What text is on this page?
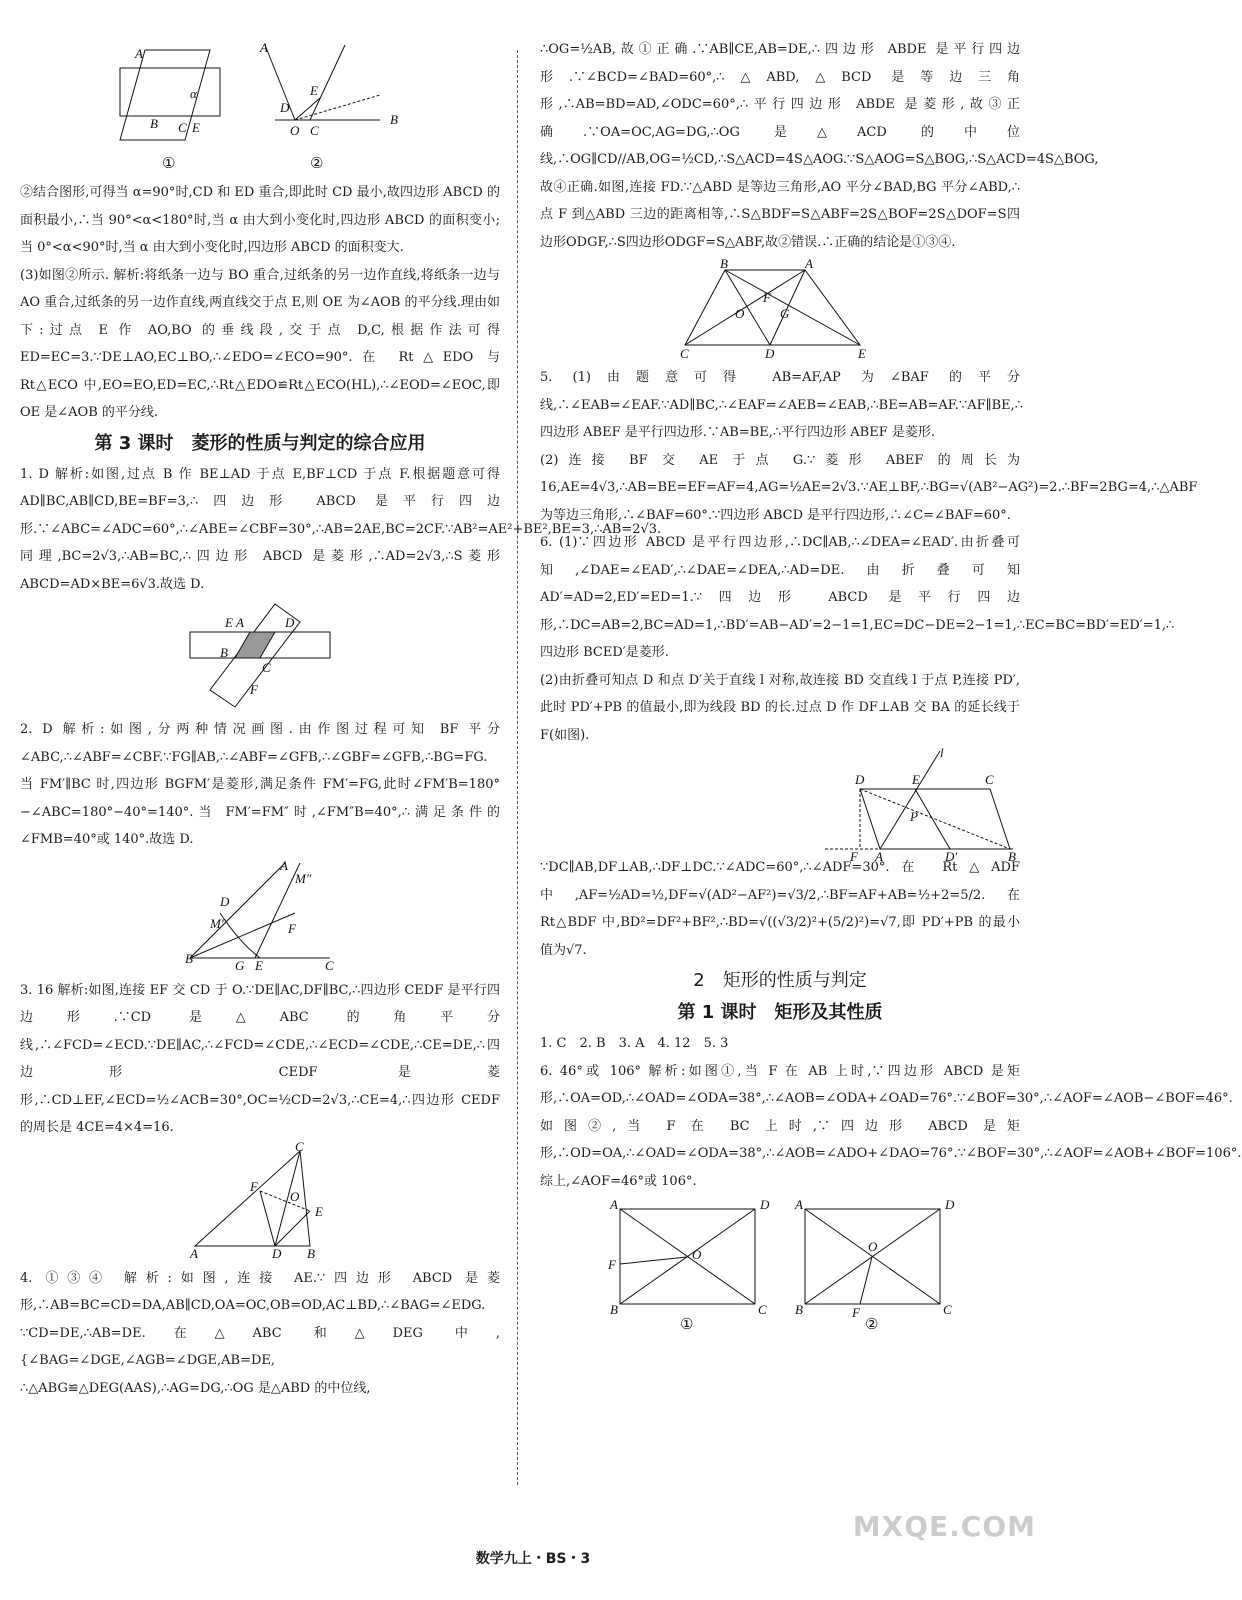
A
B C E
α
①
A
E
D
O C
B
②

②结合图形,可得当 α=90°时,CD 和 ED 重合,即此时 CD 最小,故四边形 ABCD 的面积最小,∴当 90°<α<180°时,当 α 由大到小变化时,四边形 ABCD 的面积变小;当 0°<α<90°时,当 α 由大到小变化时,四边形 ABCD 的面积变大.

(3)如图②所示. 解析:将纸条一边与 BO 重合,过纸条的另一边作直线,将纸条一边与 AO 重合,过纸条的另一边作直线,两直线交于点 E,则 OE 为∠AOB 的平分线.理由如下:过点 E 作 AO,BO 的垂线段,交于点 D,C,根据作法可得 ED=EC=3.∵DE⊥AO,EC⊥BO,∴∠EDO=∠ECO=90°.在 Rt△EDO 与 Rt△ECO 中,EO=EO,ED=EC,∴Rt△EDO≌Rt△ECO(HL),∴∠EOD=∠EOC,即 OE 是∠AOB 的平分线.

第 3 课时　菱形的性质与判定的综合应用

1. D 解析:如图,过点 B 作 BE⊥AD 于点 E,BF⊥CD 于点 F.根据题意可得 AD∥BC,AB∥CD,BE=BF=3,∴四边形 ABCD 是平行四边形.∵∠ABC=∠ADC=60°,∴∠ABE=∠CBF=30°,∴AB=2AE,BC=2CF.∵AB²=AE²+BE²,BE=3,∴AB=2√3.同理,BC=2√3,∴AB=BC,∴四边形 ABCD 是菱形,∴AD=2√3,∴S菱形ABCD=AD×BE=6√3.故选 D.

E A	D
B
C
F

2. D 解析:如图,分两种情况画图.由作图过程可知 BF 平分∠ABC,∴∠ABF=∠CBF.∵FG∥AB,∴∠ABF=∠GFB,∴∠GBF=∠GFB,∴BG=FG.当 FM′∥BC 时,四边形 BGFM′是菱形,满足条件 FM′=FG,此时∠FM′B=180°−∠ABC=180°−40°=140°.当 FM′=FM″时,∠FM″B=40°,∴满足条件的∠FMB=40°或 140°.故选 D.

A
M″
D
M′	F
B	G E	C

3. 16 解析:如图,连接 EF 交 CD 于 O.∵DE∥AC,DF∥BC,∴四边形 CEDF 是平行四边形.∵CD 是△ABC 的角平分线,∴∠FCD=∠ECD.∵DE∥AC,∴∠FCD=∠CDE,∴∠ECD=∠CDE,∴CE=DE,∴四边形 CEDF 是菱形,∴CD⊥EF,∠ECD=½∠ACB=30°,OC=½CD=2√3,∴CE=4,∴四边形 CEDF 的周长是 4CE=4×4=16.

C
F
O
E
A	D B

4. ①③④ 解析:如图,连接 AE.∵四边形 ABCD 是菱形,∴AB=BC=CD=DA,AB∥CD,OA=OC,OB=OD,AC⊥BD,∴∠BAG=∠EDG.

∵CD=DE,∴AB=DE.在△ABC 和△DEG 中,{∠BAG=∠DGE,∠AGB=∠DGE,AB=DE,

∴△ABG≌△DEG(AAS),∴AG=DG,∴OG 是△ABD 的中位线,

∴OG=½AB,故①正确.∵AB∥CE,AB=DE,∴四边形 ABDE 是平行四边形.∵∠BCD=∠BAD=60°,∴△ABD,△BCD 是等边三角形,∴AB=BD=AD,∠ODC=60°,∴平行四边形 ABDE 是菱形,故③正确.∵OA=OC,AG=DG,∴OG 是△ACD 的中位线,∴OG∥CD//AB,OG=½CD,∴S△ACD=4S△AOG.∵S△AOG=S△BOG,∴S△ACD=4S△BOG,故④正确.如图,连接 FD.∵△ABD 是等边三角形,AO 平分∠BAD,BG 平分∠ABD,∴点 F 到△ABD 三边的距离相等,∴S△BDF=S△ABF=2S△BOF=2S△DOF=S四边形ODGF,∴S四边形ODGF=S△ABF,故②错误.∴正确的结论是①③④.

B	A
F
O	G
C	D	E

5. (1)由题意可得 AB=AF,AP 为∠BAF 的平分线,∴∠EAB=∠EAF.∵AD∥BC,∴∠EAF=∠AEB=∠EAB,∴BE=AB=AF.∵AF∥BE,∴四边形 ABEF 是平行四边形.∵AB=BE,∴平行四边形 ABEF 是菱形.

(2)连接 BF 交 AE 于点 G.∵菱形 ABEF 的周长为 16,AE=4√3,∴AB=BE=EF=AF=4,AG=½AE=2√3.∵AE⊥BF,∴BG=√(AB²−AG²)=2.∴BF=2BG=4,∴△ABF 为等边三角形,∴∠BAF=60°.∵四边形 ABCD 是平行四边形,∴∠C=∠BAF=60°.

6. (1)∵四边形 ABCD 是平行四边形,∴DC∥AB,∴∠DEA=∠EAD′.由折叠可知,∠DAE=∠EAD′,∴∠DAE=∠DEA,∴AD=DE.由折叠可知 AD′=AD=2,ED′=ED=1.∵四边形 ABCD 是平行四边形,∴DC=AB=2,BC=AD=1,∴BD′=AB−AD′=2−1=1,EC=DC−DE=2−1=1,∴EC=BC=BD′=ED′=1,∴四边形 BCED′是菱形.

(2)由折叠可知点 D 和点 D′关于直线 l 对称,故连接 BD 交直线 l 于点 P,连接 PD′,此时 PD′+PB 的值最小,即为线段 BD 的长.过点 D 作 DF⊥AB 交 BA 的延长线于 F(如图).

l
D	E	C
P
F A	D′	B

∵DC∥AB,DF⊥AB,∴DF⊥DC.∵∠ADC=60°,∴∠ADF=30°.在 Rt△ADF 中,AF=½AD=½,DF=√(AD²−AF²)=√3/2,∴BF=AF+AB=½+2=5/2.在 Rt△BDF 中,BD²=DF²+BF²,∴BD=√((√3/2)²+(5/2)²)=√7,即 PD′+PB 的最小值为√7.

2　矩形的性质与判定
第 1 课时　矩形及其性质

1. C　2. B　3. A　4. 12　5. 3

6. 46°或 106° 解析:如图①,当 F 在 AB 上时,∵四边形 ABCD 是矩形,∴OA=OD,∴∠OAD=∠ODA=38°,∴∠AOB=∠ODA+∠OAD=76°.∵∠BOF=30°,∴∠AOF=∠AOB−∠BOF=46°.如图②,当 F 在 BC 上时,∵四边形 ABCD 是矩形,∴OD=OA,∴∠OAD=∠ODA=38°,∴∠AOB=∠ADO+∠DAO=76°.∵∠BOF=30°,∴∠AOF=∠AOB+∠BOF=106°.综上,∠AOF=46°或 106°.

A	D
F
O
B	C
①
A	D
O
B	F	C
②
数学九上・BS・3
MXQE.COM
